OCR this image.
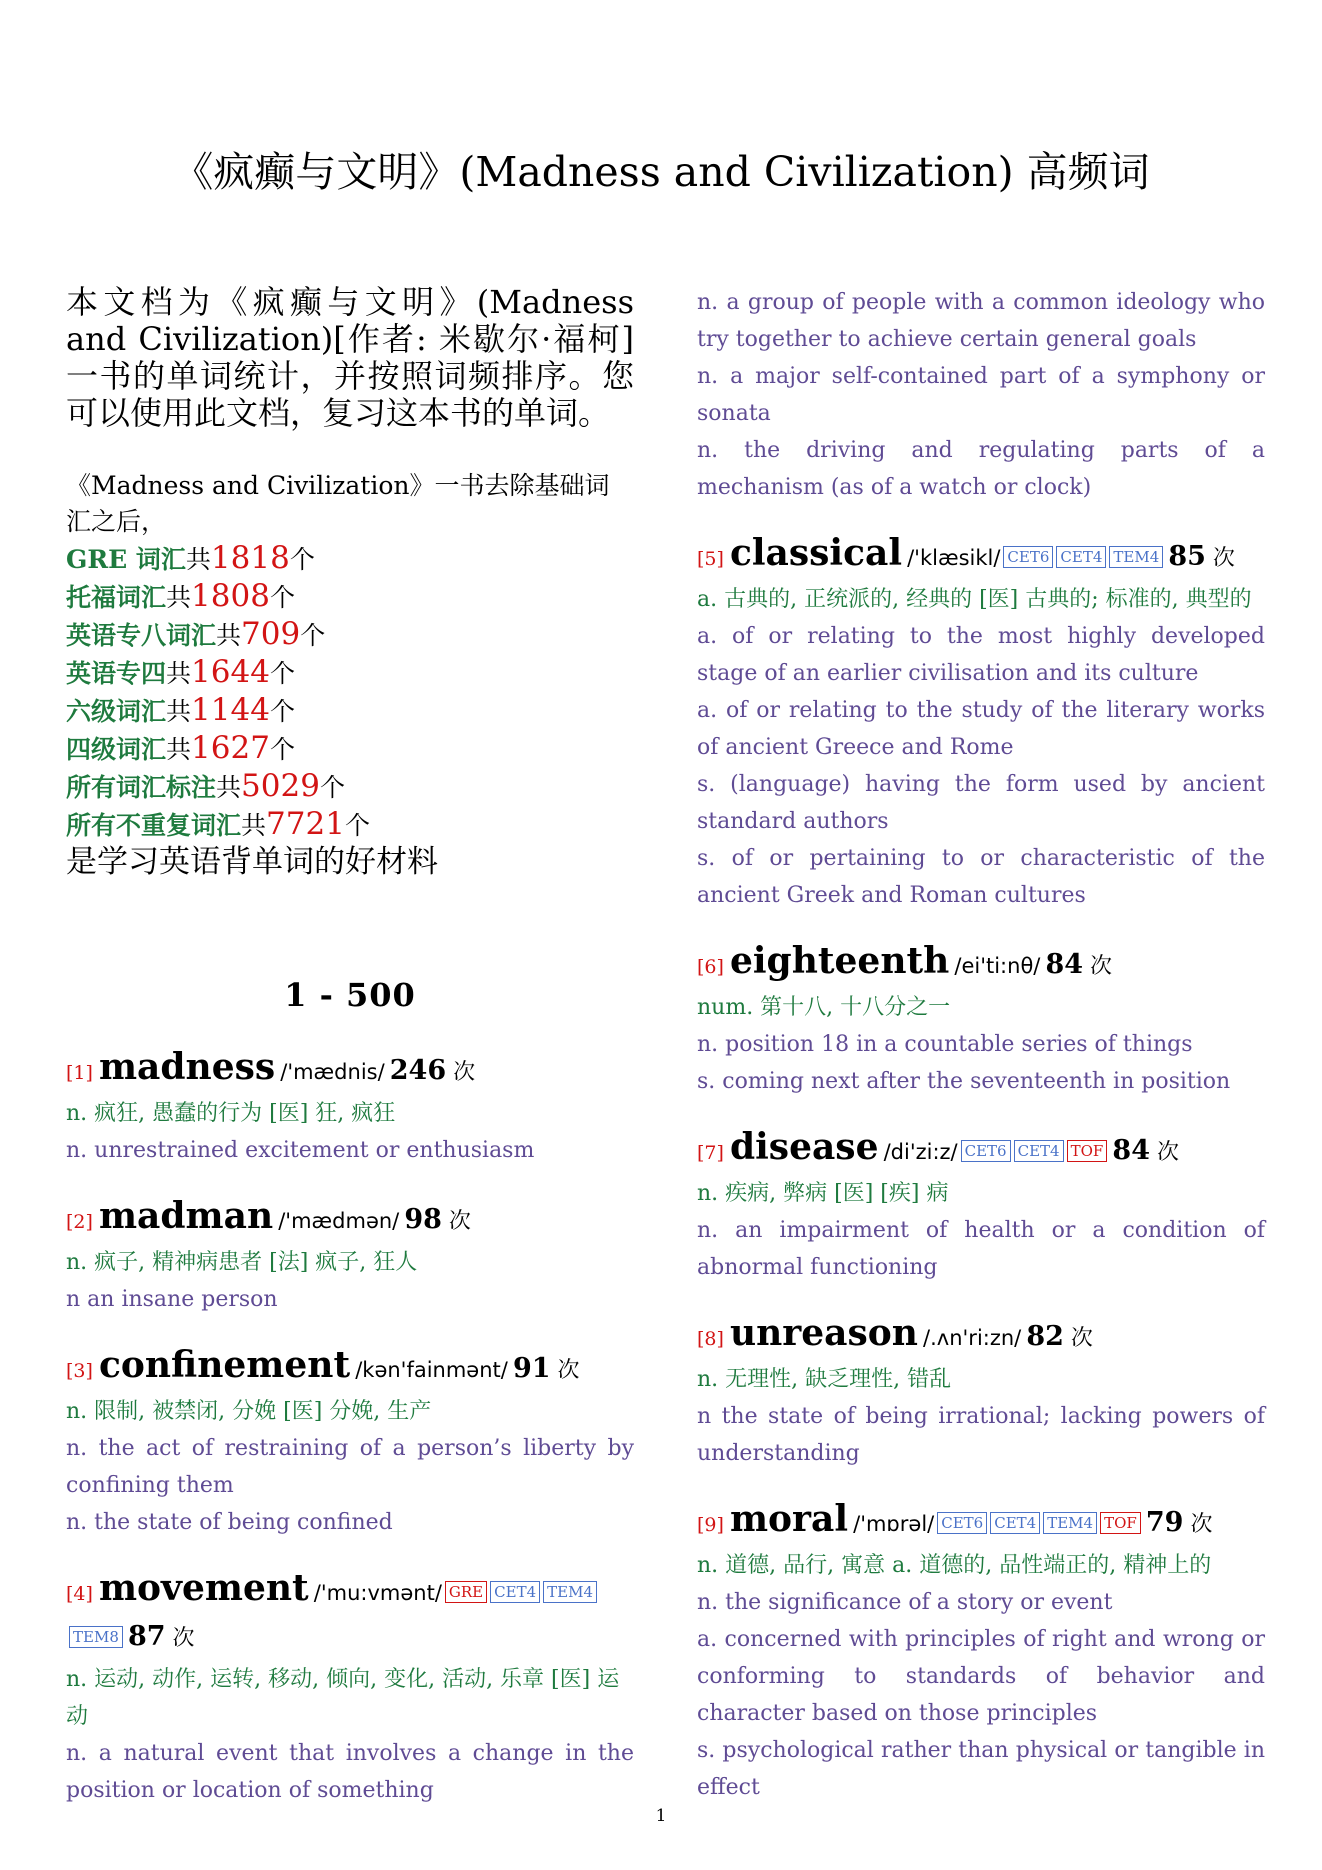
《疯癫与文明》(Madness and Civilization) 高频词

本文档为《疯癫与文明》(Madness and Civilization)[作者: 米歇尔·福柯]一书的单词统计，并按照词频排序。您可以使用此文档，复习这本书的单词。

《Madness and Civilization》一书去除基础词汇之后，

GRE 词汇共1818个
托福词汇共1808个
英语专八词汇共709个
英语专四共1644个
六级词汇共1144个
四级词汇共1627个
所有词汇标注共5029个
所有不重复词汇共7721个

是学习英语背单词的好材料

1 - 500
[1] madness /'mædnis/ 246 次

n. 疯狂, 愚蠢的行为 [医] 狂, 疯狂

n. unrestrained excitement or enthusiasm

[2] madman /'mædmən/ 98 次

n. 疯子, 精神病患者 [法] 疯子, 狂人

n an insane person

[3] confinement /kən'fainmənt/ 91 次

n. 限制, 被禁闭, 分娩 [医] 分娩, 生产

n. the act of restraining of a person’s liberty by confining them

n. the state of being confined

[4] movement /'mu:vmənt/ GRE CET4 TEM4TEM8 87 次

n. 运动, 动作, 运转, 移动, 倾向, 变化, 活动, 乐章 [医] 运动

n. a natural event that involves a change in the position or location of something

n. a group of people with a common ideology who try together to achieve certain general goals

n. a major self-contained part of a symphony or sonata

n. the driving and regulating parts of a mechanism (as of a watch or clock)

[5] classical /'klæsikl/ CET6 CET4 TEM4 85 次

a. 古典的, 正统派的, 经典的 [医] 古典的; 标准的, 典型的

a. of or relating to the most highly developed stage of an earlier civilisation and its culture

a. of or relating to the study of the literary works of ancient Greece and Rome

s. (language) having the form used by ancient standard authors

s. of or pertaining to or characteristic of the ancient Greek and Roman cultures

[6] eighteenth /ei'ti:nθ/ 84 次

num. 第十八, 十八分之一

n. position 18 in a countable series of things

s. coming next after the seventeenth in position

[7] disease /di'zi:z/ CET6 CET4 TOF 84 次

n. 疾病, 弊病 [医] [疾] 病

n. an impairment of health or a condition of abnormal functioning

[8] unreason /.ʌn'ri:zn/ 82 次

n. 无理性, 缺乏理性, 错乱

n the state of being irrational; lacking powers of understanding

[9] moral /'mɒrəl/ CET6 CET4 TEM4 TOF 79 次

n. 道德, 品行, 寓意 a. 道德的, 品性端正的, 精神上的

n. the significance of a story or event

a. concerned with principles of right and wrong or conforming to standards of behavior and character based on those principles

s. psychological rather than physical or tangible in effect

1
